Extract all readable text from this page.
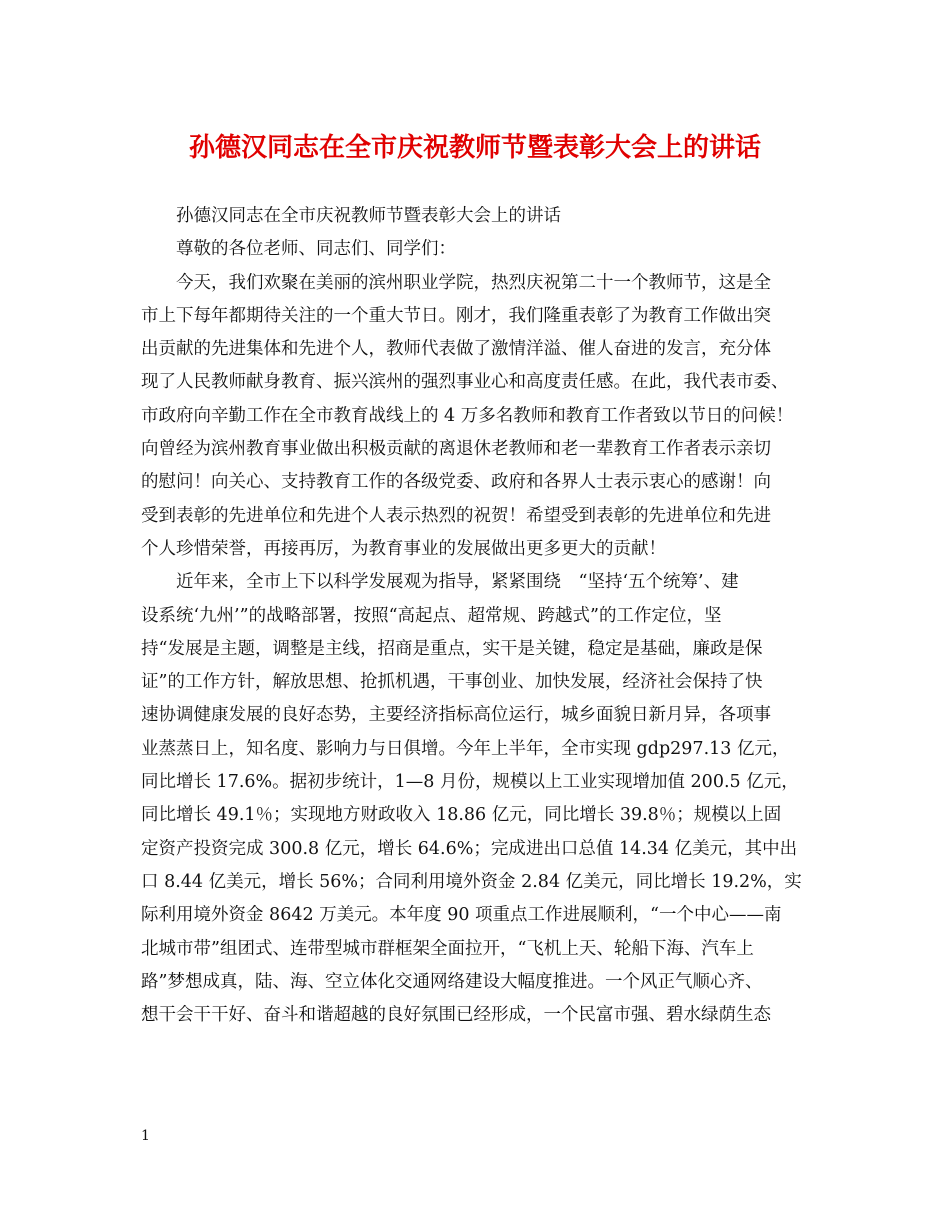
孙德汉同志在全市庆祝教师节暨表彰大会上的讲话
孙德汉同志在全市庆祝教师节暨表彰大会上的讲话
尊敬的各位老师、同志们、同学们：
今天，我们欢聚在美丽的滨州职业学院，热烈庆祝第二十一个教师节，这是全
市上下每年都期待关注的一个重大节日。刚才，我们隆重表彰了为教育工作做出突
出贡献的先进集体和先进个人，教师代表做了激情洋溢、催人奋进的发言，充分体
现了人民教师献身教育、振兴滨州的强烈事业心和高度责任感。在此，我代表市委、
市政府向辛勤工作在全市教育战线上的 4 万多名教师和教育工作者致以节日的问候！
向曾经为滨州教育事业做出积极贡献的离退休老教师和老一辈教育工作者表示亲切
的慰问！向关心、支持教育工作的各级党委、政府和各界人士表示衷心的感谢！向
受到表彰的先进单位和先进个人表示热烈的祝贺！希望受到表彰的先进单位和先进
个人珍惜荣誉，再接再厉，为教育事业的发展做出更多更大的贡献！
近年来，全市上下以科学发展观为指导，紧紧围绕　“坚持‘五个统筹’、建
设系统‘九州’”的战略部署，按照“高起点、超常规、跨越式”的工作定位，坚
持“发展是主题，调整是主线，招商是重点，实干是关键，稳定是基础，廉政是保
证”的工作方针，解放思想、抢抓机遇，干事创业、加快发展，经济社会保持了快
速协调健康发展的良好态势，主要经济指标高位运行，城乡面貌日新月异，各项事
业蒸蒸日上，知名度、影响力与日俱增。今年上半年，全市实现 gdp297.13 亿元，
同比增长 17.6%。据初步统计，1—8 月份，规模以上工业实现增加值 200.5 亿元，
同比增长 49.1％；实现地方财政收入 18.86 亿元，同比增长 39.8％；规模以上固
定资产投资完成 300.8 亿元，增长 64.6%；完成进出口总值 14.34 亿美元，其中出
口 8.44 亿美元，增长 56%；合同利用境外资金 2.84 亿美元，同比增长 19.2%，实
际利用境外资金 8642 万美元。本年度 90 项重点工作进展顺利，“一个中心——南
北城市带”组团式、连带型城市群框架全面拉开，“飞机上天、轮船下海、汽车上
路”梦想成真，陆、海、空立体化交通网络建设大幅度推进。一个风正气顺心齐、
想干会干干好、奋斗和谐超越的良好氛围已经形成，一个民富市强、碧水绿荫生态
1
